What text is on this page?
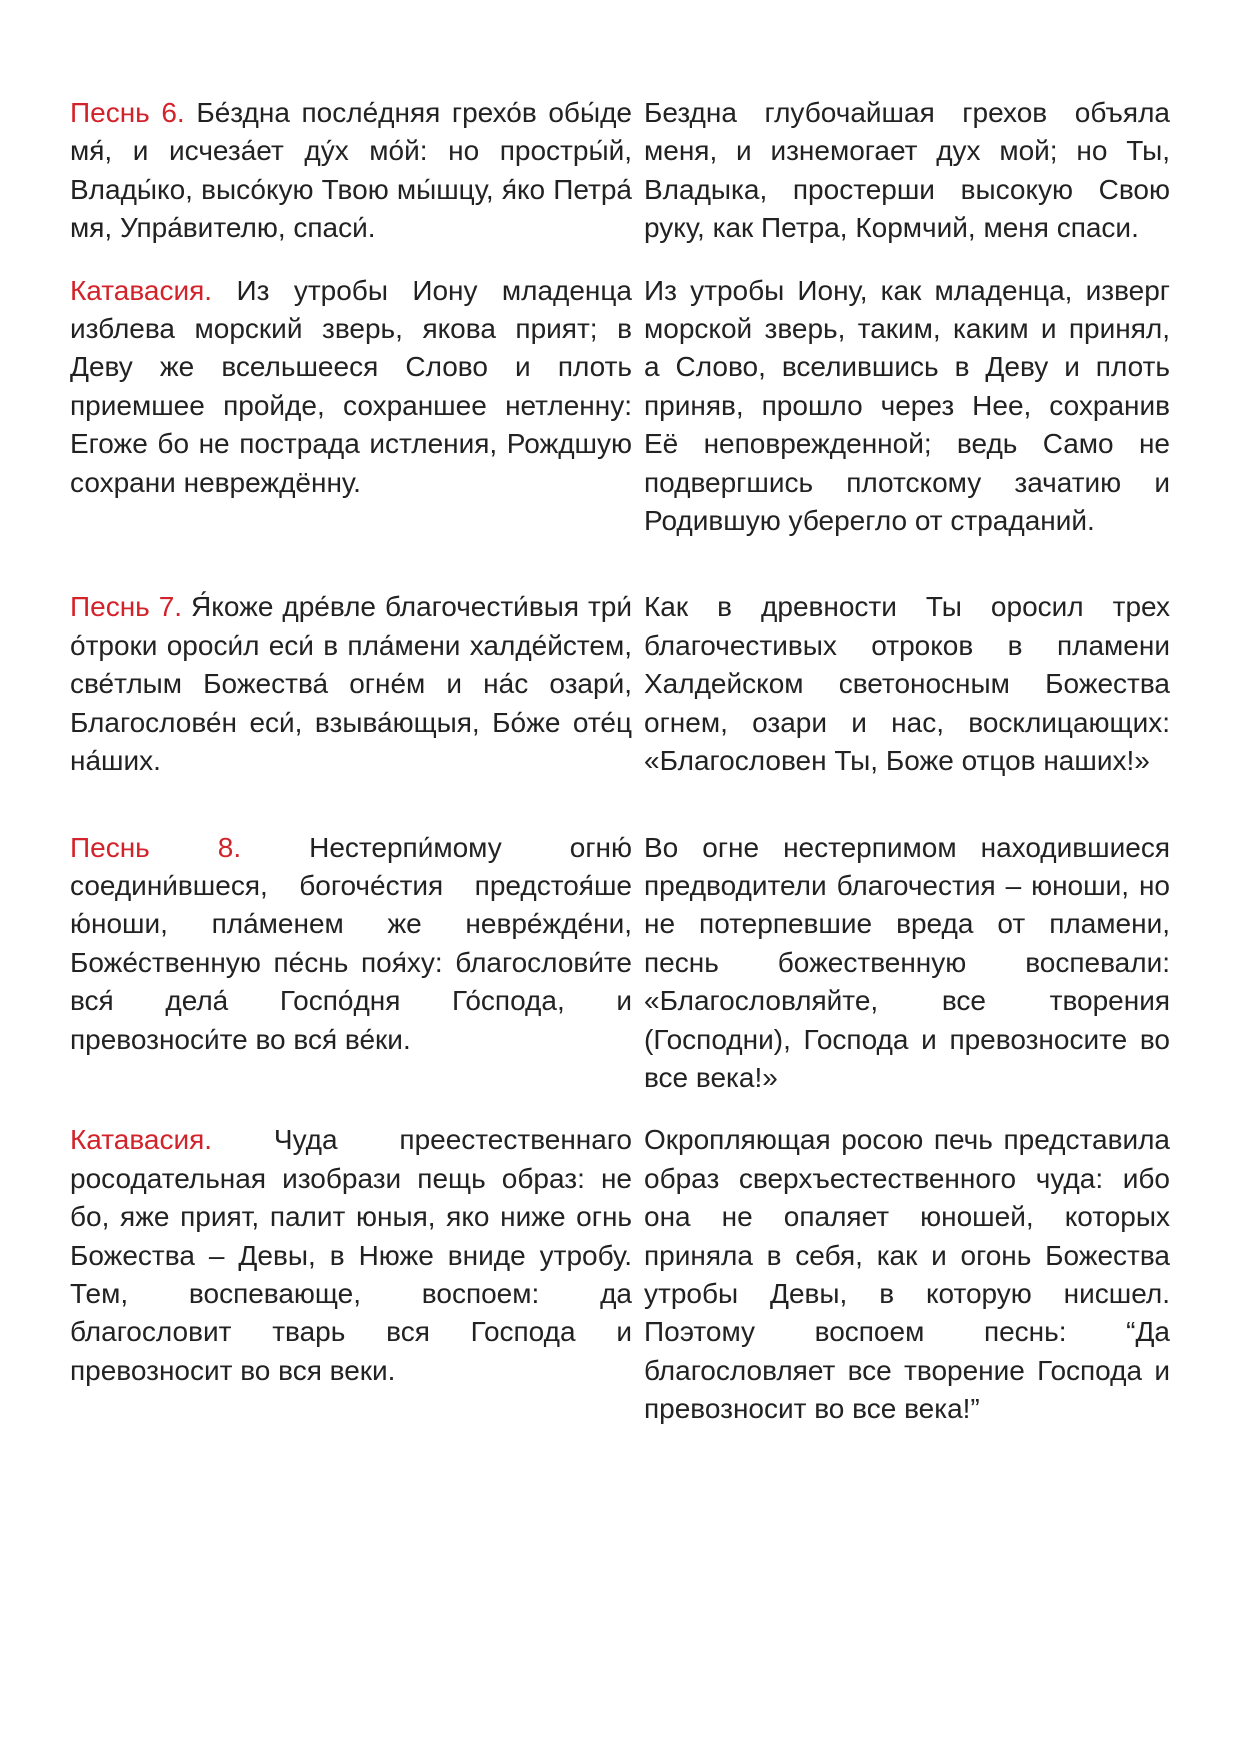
Песнь 6. Бе́здна после́дняя грехо́в обы́де мя́, и исчеза́ет ду́х мо́й: но простры́й, Влады́ко, высо́кую Твою мы́шцу, я́ко Петра́ мя, Упра́вителю, спаси́.

Бездна глубочайшая грехов объяла меня, и изнемогает дух мой; но Ты, Владыка, простерши высокую Свою руку, как Петра, Кормчий, меня спаси.

Катавасия. Из утробы Иону младенца изблева морский зверь, якова прият; в Деву же всельшееся Слово и плоть приемшее пройде, сохраншее нетленну: Егоже бо не пострада истления, Рождшую сохрани невреждённу.

Из утробы Иону, как младенца, изверг морской зверь, таким, каким и принял, а Слово, вселившись в Деву и плоть приняв, прошло через Нее, сохранив Её неповрежденной; ведь Само не подвергшись плотскому зачатию и Родившую уберегло от страданий.

Песнь 7. Я́коже дре́вле благочести́выя три́ о́троки ороси́л еси́ в пла́мени халде́йстем, све́тлым Божества́ огне́м и на́с озари́, Благослове́н еси́, взыва́ющыя, Бо́же оте́ц на́ших.

Как в древности Ты оросил трех благочестивых отроков в пламени Халдейском светоносным Божества огнем, озари и нас, восклицающих: «Благословен Ты, Боже отцов наших!»

Песнь 8. Нестерпи́мому огню́ соедини́вшеся, богоче́стия предстоя́ше ю́ноши, пла́менем же невре́жде́ни, Боже́ственную пе́снь поя́ху: благослови́те вся́ дела́ Госпо́дня Го́спода, и превозноси́те во вся́ ве́ки.

Во огне нестерпимом находившиеся предводители благочестия – юноши, но не потерпевшие вреда от пламени, песнь божественную воспевали: «Благословляйте, все творения (Господни), Господа и превозносите во все века!»

Катавасия. Чуда преестественнаго росодательная изобрази пещь образ: не бо, яже прият, палит юныя, яко ниже огнь Божества – Девы, в Нюже вниде утробу. Тем, воспевающе, воспоем: да благословит тварь вся Господа и превозносит во вся веки.

Окропляющая росою печь представила образ сверхъестественного чуда: ибо она не опаляет юношей, которых приняла в себя, как и огонь Божества утробы Девы, в которую нисшел. Поэтому воспоем песнь: “Да благословляет все творение Господа и превозносит во все века!”
